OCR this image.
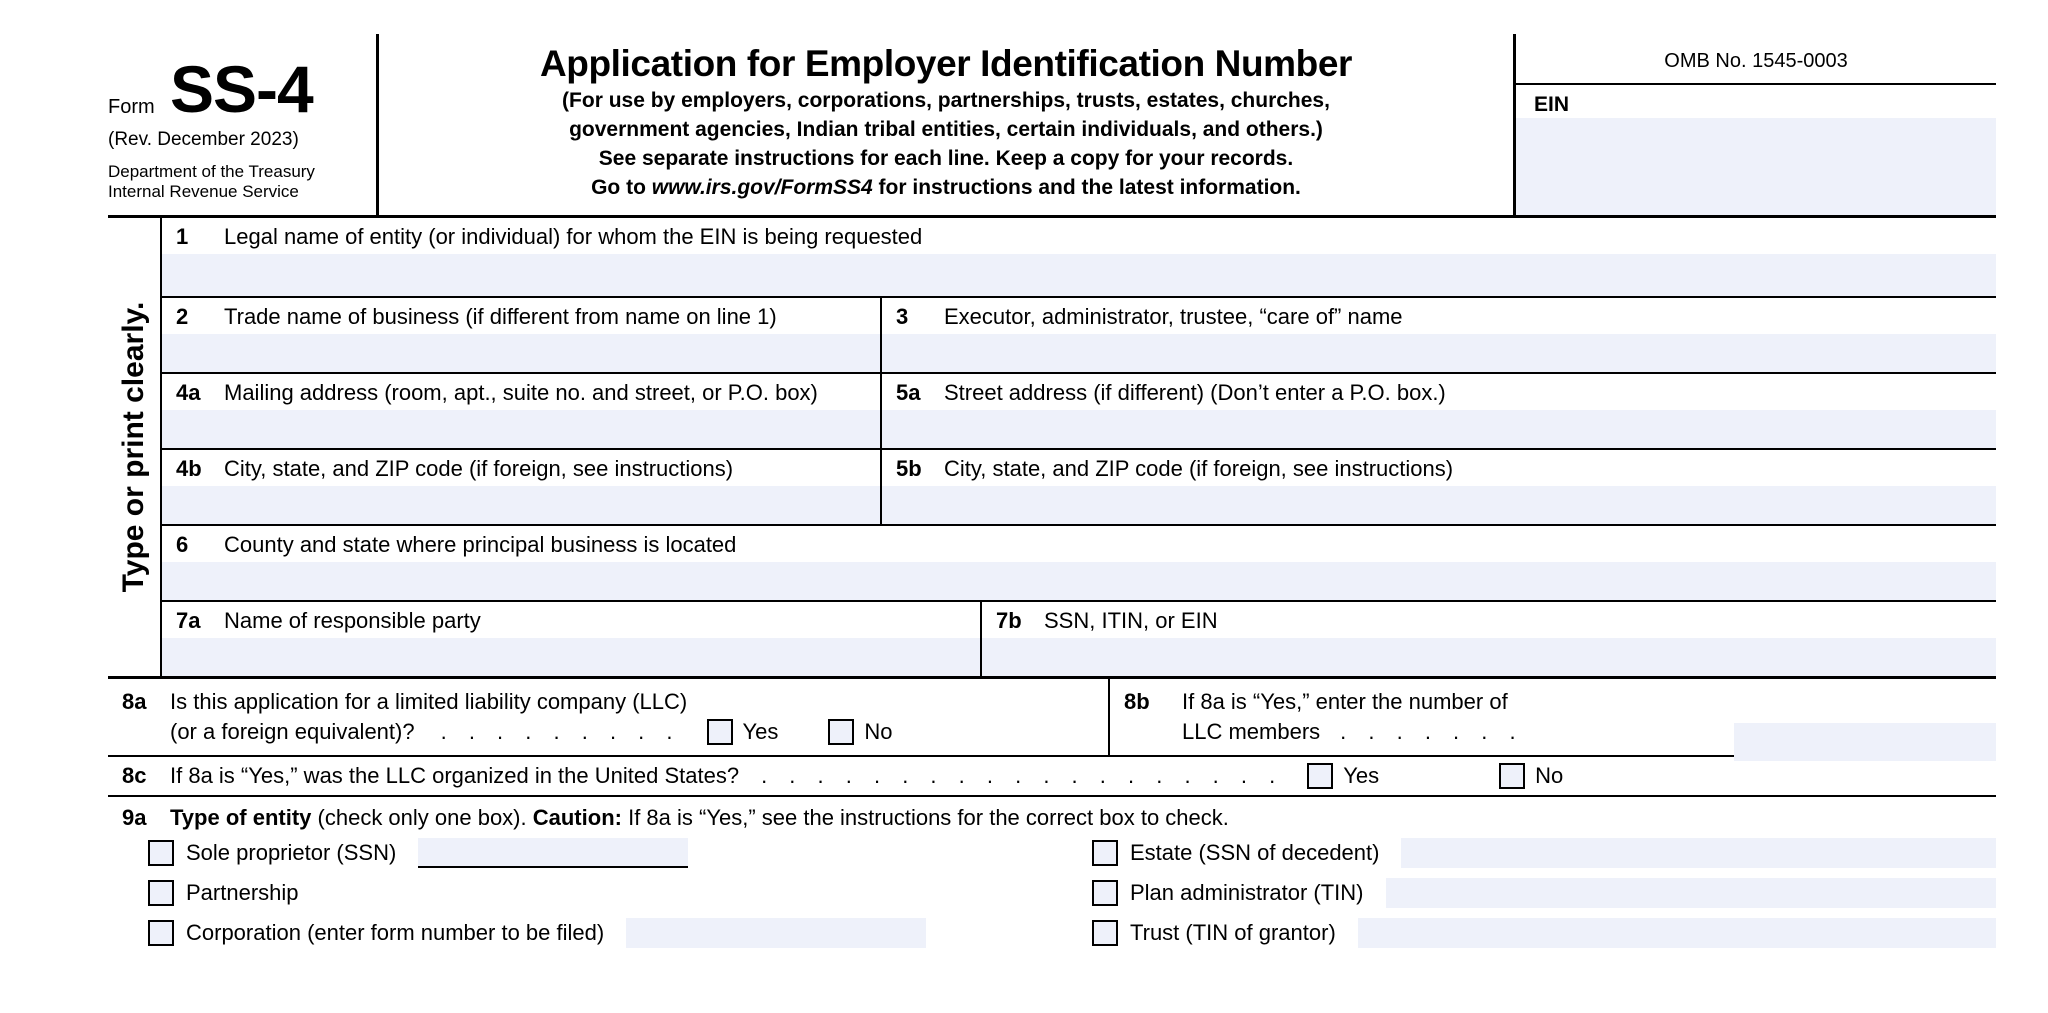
Form SS-4
(Rev. December 2023)
Department of the Treasury
Internal Revenue Service
Application for Employer Identification Number
(For use by employers, corporations, partnerships, trusts, estates, churches,
government agencies, Indian tribal entities, certain individuals, and others.)
See separate instructions for each line. Keep a copy for your records.
Go to www.irs.gov/FormSS4 for instructions and the latest information.
OMB No. 1545-0003
EIN
Type or print clearly.
1	Legal name of entity (or individual) for whom the EIN is being requested
2	Trade name of business (if different from name on line 1)	3	Executor, administrator, trustee, “care of” name
4a	Mailing address (room, apt., suite no. and street, or P.O. box)	5a	Street address (if different) (Don’t enter a P.O. box.)
4b	City, state, and ZIP code (if foreign, see instructions)	5b	City, state, and ZIP code (if foreign, see instructions)
6	County and state where principal business is located
7a	Name of responsible party	7b	SSN, ITIN, or EIN
8a	Is this application for a limited liability company (LLC)
(or a foreign equivalent)? . . . . . . . . .	Yes	No
8b	If 8a is “Yes,” enter the number of
LLC members . . . . . . .
8c	If 8a is “Yes,” was the LLC organized in the United States? . . . . . . . . . . . . . . . . . . .	Yes	No
9a	Type of entity (check only one box). Caution: If 8a is “Yes,” see the instructions for the correct box to check.
Sole proprietor (SSN)
Partnership
Corporation (enter form number to be filed)
Estate (SSN of decedent)
Plan administrator (TIN)
Trust (TIN of grantor)
